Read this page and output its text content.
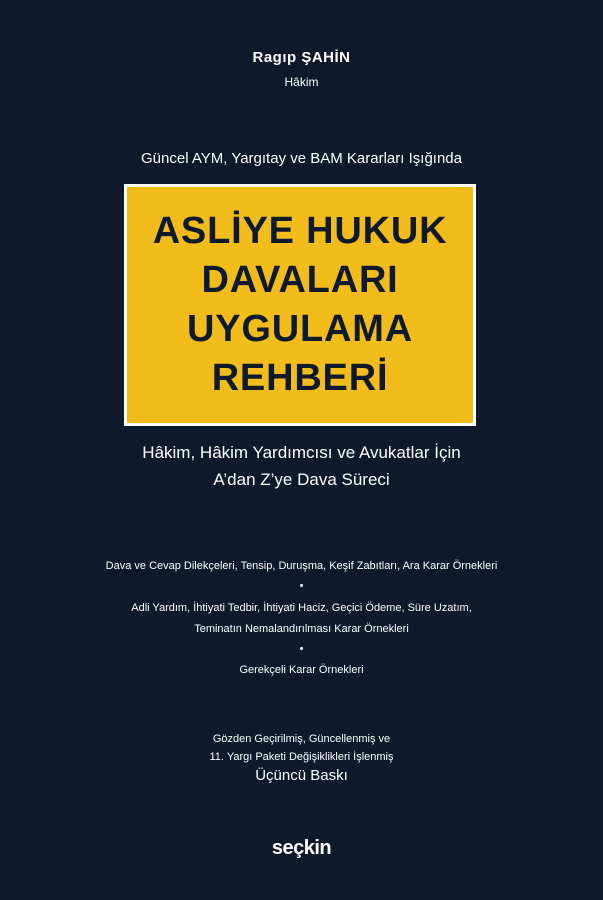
Ragıp ŞAHİN
Hâkim
Güncel AYM, Yargıtay ve BAM Kararları Işığında
ASLİYE HUKUK
DAVALARI
UYGULAMA
REHBERİ
Hâkim, Hâkim Yardımcısı ve Avukatlar İçin
A’dan Z’ye Dava Süreci
Dava ve Cevap Dilekçeleri, Tensip, Duruşma, Keşif Zabıtları, Ara Karar Örnekleri
•
Adli Yardım, İhtiyati Tedbir, İhtiyati Haciz, Geçici Ödeme, Süre Uzatım,
Teminatın Nemalandırılması Karar Örnekleri
•
Gerekçeli Karar Örnekleri
Gözden Geçirilmiş, Güncellenmiş ve
11. Yargı Paketi Değişiklikleri İşlenmiş
Üçüncü Baskı
seçkin
